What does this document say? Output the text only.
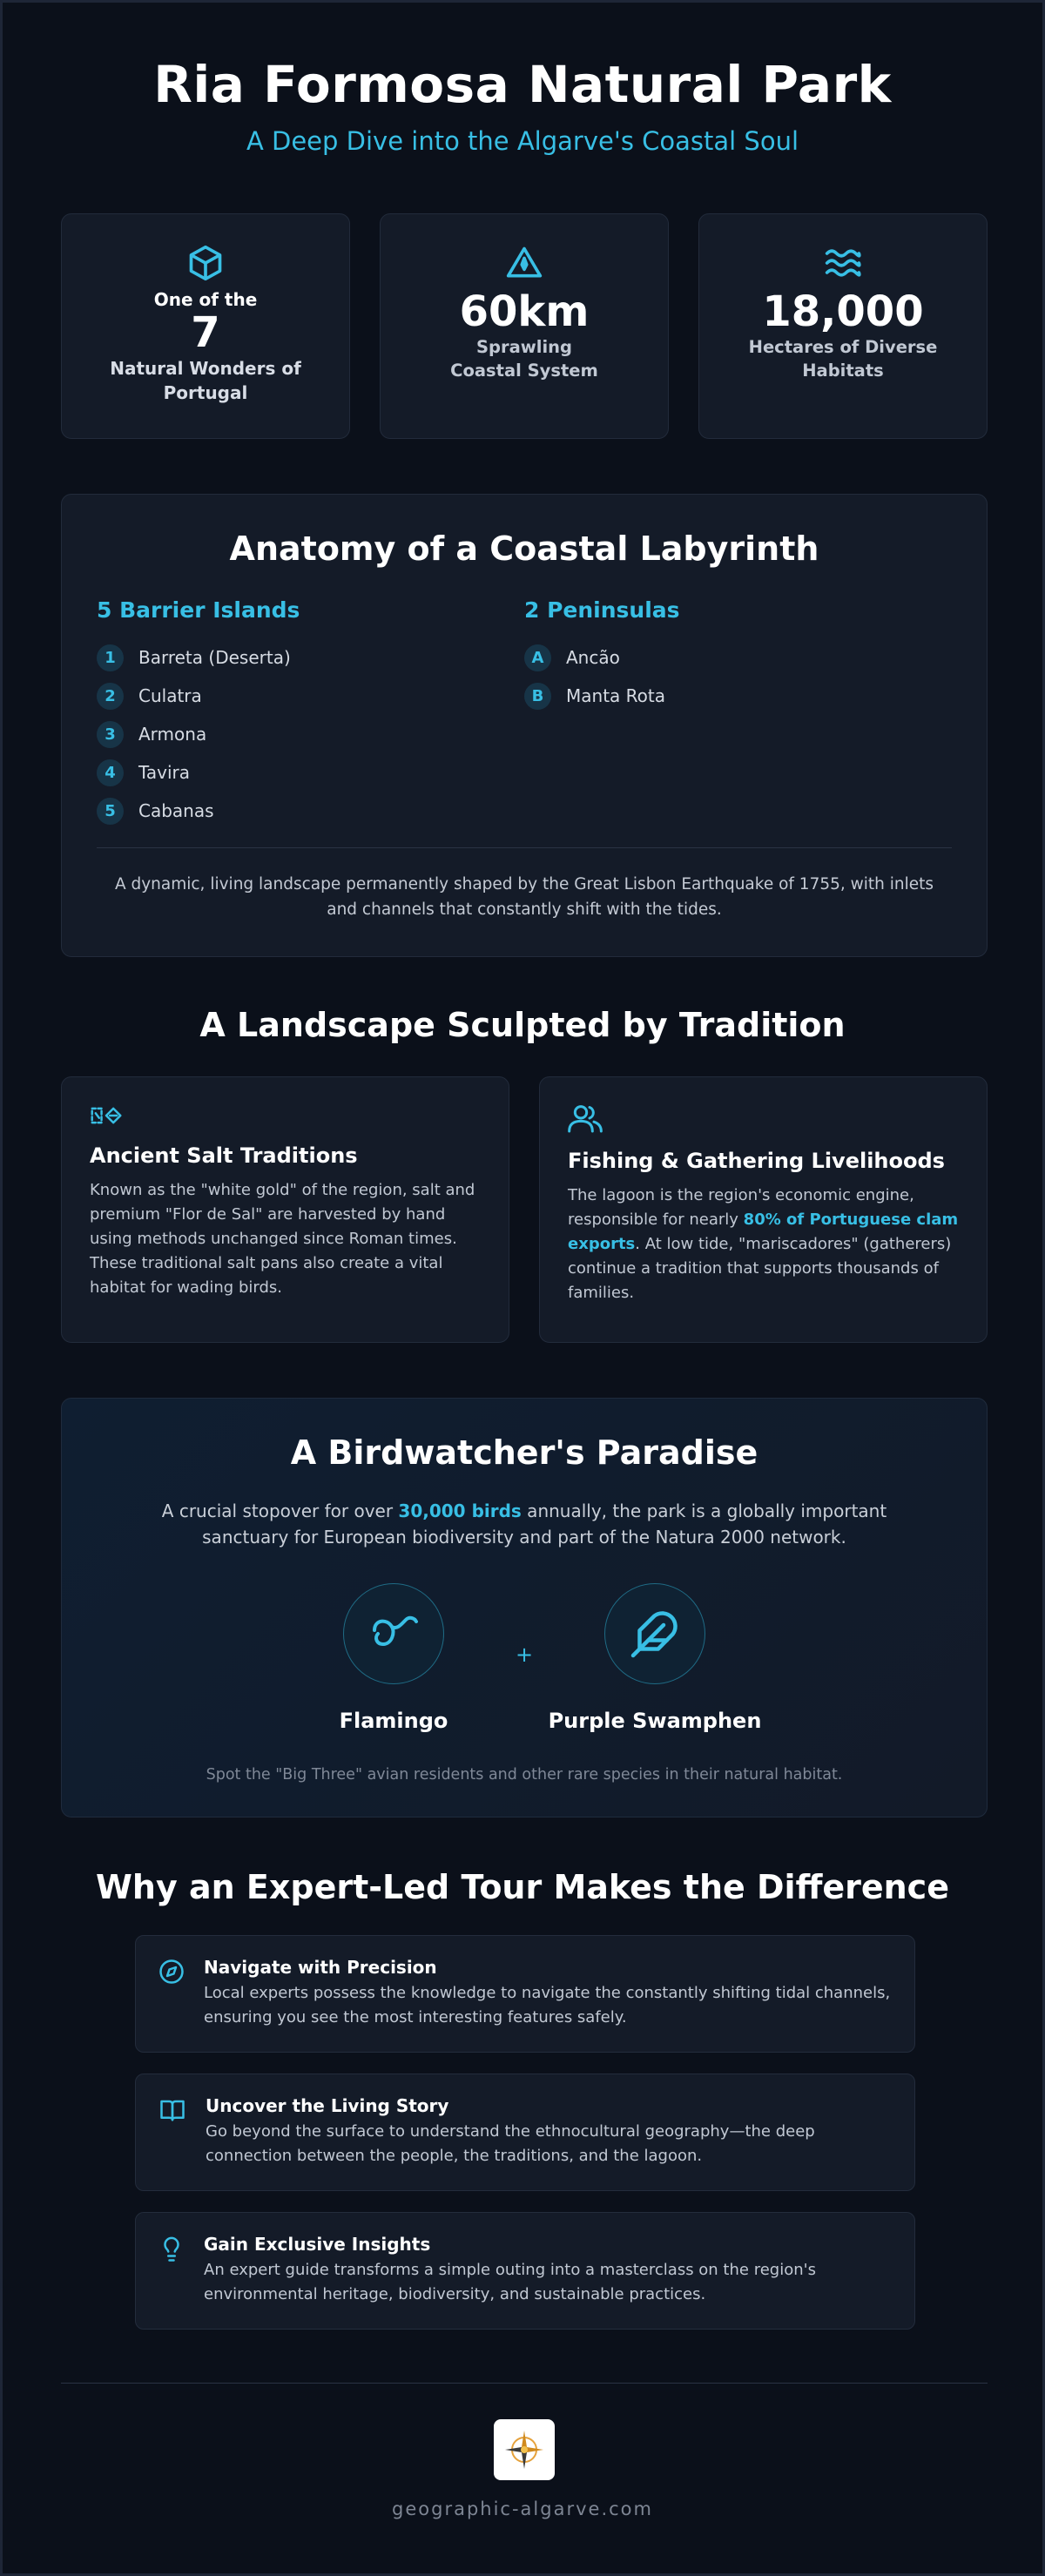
Ria Formosa Natural Park
A Deep Dive into the Algarve's Coastal Soul
One of the
7
Natural Wonders of Portugal
60km
Sprawling Coastal System
18,000
Hectares of Diverse Habitats
Anatomy of a Coastal Labyrinth
5 Barrier Islands
1	Barreta (Deserta)
2	Culatra
3	Armona
4	Tavira
5	Cabanas
2 Peninsulas
A	Ancão
B	Manta Rota

A dynamic, living landscape permanently shaped by the Great Lisbon Earthquake of 1755, with inlets and channels that constantly shift with the tides.

A Landscape Sculpted by Tradition
Ancient Salt Traditions

Known as the "white gold" of the region, salt and premium "Flor de Sal" are harvested by hand using methods unchanged since Roman times. These traditional salt pans also create a vital habitat for wading birds.

Fishing & Gathering Livelihoods

The lagoon is the region's economic engine, responsible for nearly 80% of Portuguese clam exports. At low tide, "mariscadores" (gatherers) continue a tradition that supports thousands of families.

A Birdwatcher's Paradise

A crucial stopover for over 30,000 birds annually, the park is a globally important sanctuary for European biodiversity and part of the Natura 2000 network.

Flamingo
+
Purple Swamphen

Spot the "Big Three" avian residents and other rare species in their natural habitat.

Why an Expert-Led Tour Makes the Difference
Navigate with Precision

Local experts possess the knowledge to navigate the constantly shifting tidal channels, ensuring you see the most interesting features safely.

Uncover the Living Story

Go beyond the surface to understand the ethnocultural geography—the deep connection between the people, the traditions, and the lagoon.

Gain Exclusive Insights

An expert guide transforms a simple outing into a masterclass on the region's environmental heritage, biodiversity, and sustainable practices.

geographic-algarve.com
